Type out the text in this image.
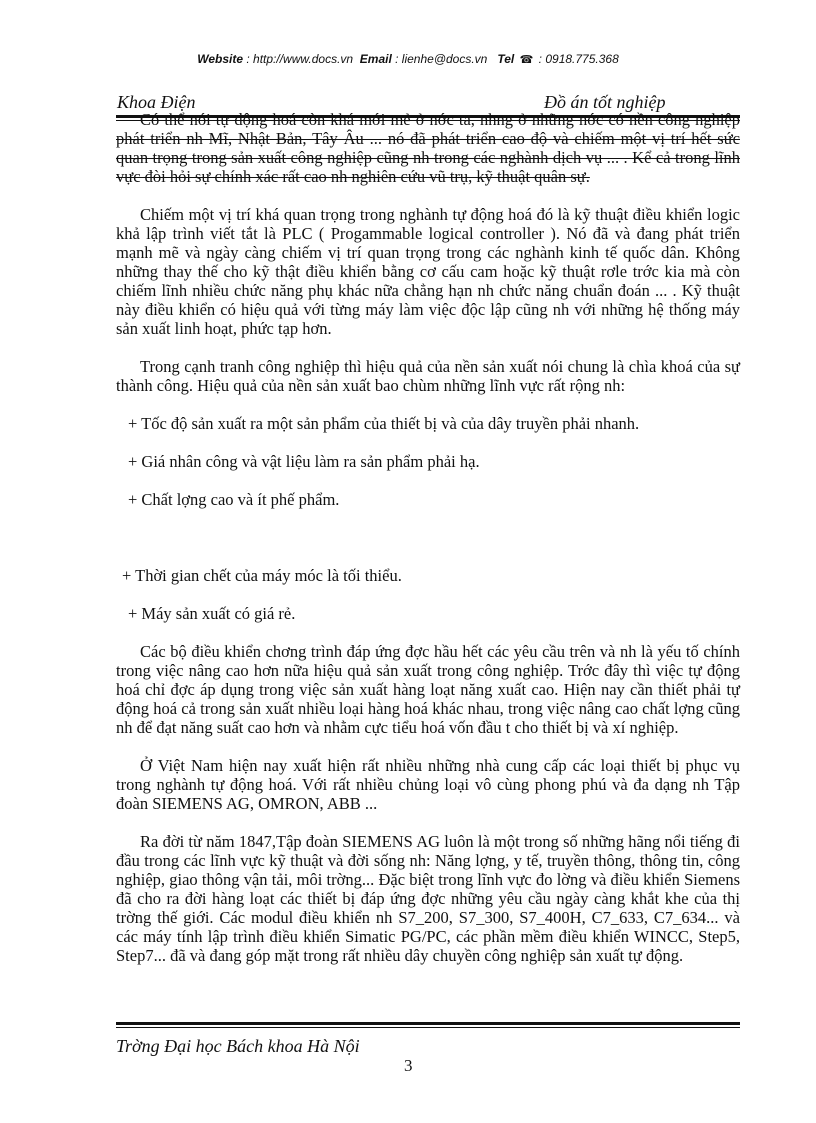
Website : http://www.docs.vn Email : lienhe@docs.vn Tel ☎ : 0918.775.368
Khoa Điện	Đồ án tốt nghiệp

Có thể nói tự động hoá còn khá mới mẻ ở nớc ta, nhng ở những nớc có nền công nghiệp phát triển nh Mĩ, Nhật Bản, Tây Âu ... nó đã phát triển cao độ và chiếm một vị trí hết sức quan trọng trong sản xuất công nghiệp cũng nh trong các nghành dịch vụ ... . Kể cả trong lĩnh vực đòi hỏi sự chính xác rất cao nh nghiên cứu vũ trụ, kỹ thuật quân sự.

Chiếm một vị trí khá quan trọng trong nghành tự động hoá đó là kỹ thuật điều khiển logic khả lập trình viết tắt là PLC ( Progammable logical controller ). Nó đã và đang phát triển mạnh mẽ và ngày càng chiếm vị trí quan trọng trong các nghành kinh tế quốc dân. Không những thay thế cho kỹ thật điều khiển bằng cơ cấu cam hoặc kỹ thuật rơle trớc kia mà còn chiếm lĩnh nhiều chức năng phụ khác nữa chẳng hạn nh chức năng chuẩn đoán ... . Kỹ thuật này điều khiển có hiệu quả với từng máy làm việc độc lập cũng nh với những hệ thống máy sản xuất linh hoạt, phức tạp hơn.

Trong cạnh tranh công nghiệp thì hiệu quả của nền sản xuất nói chung là chìa khoá của sự thành công. Hiệu quả của nền sản xuất bao chùm những lĩnh vực rất rộng nh:

+ Tốc độ sản xuất ra một sản phẩm của thiết bị và của dây truyền phải nhanh.

+ Giá nhân công và vật liệu làm ra sản phẩm phải hạ.

+ Chất lợng cao và ít phế phẩm.

+ Thời gian chết của máy móc là tối thiểu.

+ Máy sản xuất có giá rẻ.

Các bộ điều khiển chơng trình đáp ứng đợc hầu hết các yêu cầu trên và nh là yếu tố chính trong việc nâng cao hơn nữa hiệu quả sản xuất trong công nghiệp. Trớc đây thì việc tự động hoá chỉ đợc áp dụng trong việc sản xuất hàng loạt năng xuất cao. Hiện nay cần thiết phải tự động hoá cả trong sản xuất nhiều loại hàng hoá khác nhau, trong việc nâng cao chất lợng cũng nh để đạt năng suất cao hơn và nhằm cực tiểu hoá vốn đầu t cho thiết bị và xí nghiệp.

Ở Việt Nam hiện nay xuất hiện rất nhiều những nhà cung cấp các loại thiết bị phục vụ trong nghành tự động hoá. Với rất nhiều chủng loại vô cùng phong phú và đa dạng nh Tập đoàn SIEMENS AG, OMRON, ABB ...

Ra đời từ năm 1847,Tập đoàn SIEMENS AG luôn là một trong số những hãng nổi tiếng đi đầu trong các lĩnh vực kỹ thuật và đời sống nh: Năng lợng, y tế, truyền thông, thông tin, công nghiệp, giao thông vận tải, môi trờng... Đặc biệt trong lĩnh vực đo lờng và điều khiển Siemens đã cho ra đời hàng loạt các thiết bị đáp ứng đợc những yêu cầu ngày càng khắt khe của thị trờng thế giới. Các modul điều khiển nh S7_200, S7_300, S7_400H, C7_633, C7_634... và các máy tính lập trình điều khiển Simatic PG/PC, các phần mềm điều khiển WINCC, Step5, Step7... đã và đang góp mặt trong rất nhiều dây chuyền công nghiệp sản xuất tự động.

Trờng Đại học Bách khoa Hà Nội
3
